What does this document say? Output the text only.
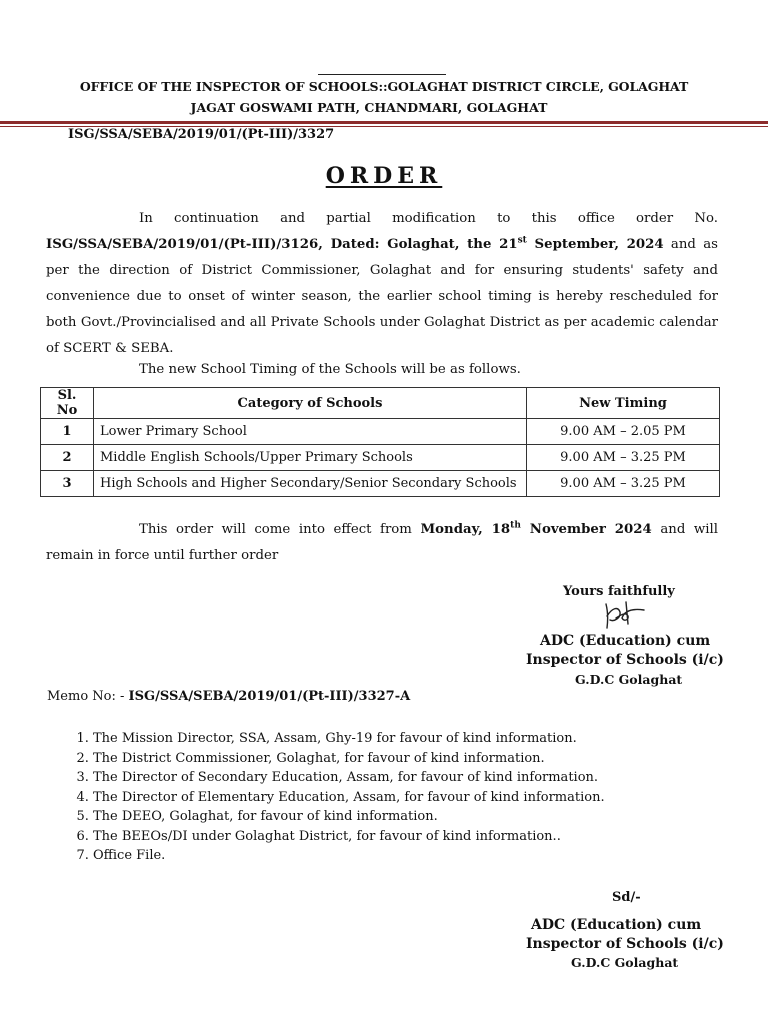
OFFICE OF THE INSPECTOR OF SCHOOLS::GOLAGHAT DISTRICT CIRCLE, GOLAGHAT
JAGAT GOSWAMI PATH, CHANDMARI, GOLAGHAT
ISG/SSA/SEBA/2019/01/(Pt-III)/3327
ORDER

In continuation and partial modification to this office order No. ISG/SSA/SEBA/2019/01/(Pt-III)/3126, Dated: Golaghat, the 21st September, 2024 and as per the direction of District Commissioner, Golaghat and for ensuring students' safety and convenience due to onset of winter season, the earlier school timing is hereby rescheduled for both Govt./Provincialised and all Private Schools under Golaghat District as per academic calendar of SCERT & SEBA.

The new School Timing of the Schools will be as follows.
Sl. No	Category of Schools	New Timing
1	Lower Primary School	9.00 AM – 2.05 PM
2	Middle English Schools/Upper Primary Schools	9.00 AM – 3.25 PM
3	High Schools and Higher Secondary/Senior Secondary Schools	9.00 AM – 3.25 PM

This order will come into effect from Monday, 18th November 2024 and will remain in force until further order

Yours faithfully
ADC (Education) cum
Inspector of Schools (i/c)
G.D.C Golaghat
Memo No: - ISG/SSA/SEBA/2019/01/(Pt-III)/3327-A
1. The Mission Director, SSA, Assam, Ghy-19 for favour of kind information.
2. The District Commissioner, Golaghat, for favour of kind information.
3. The Director of Secondary Education, Assam, for favour of kind information.
4. The Director of Elementary Education, Assam, for favour of kind information.
5. The DEEO, Golaghat, for favour of kind information.
6. The BEEOs/DI under Golaghat District, for favour of kind information..
7. Office File.
Sd/-
ADC (Education) cum
Inspector of Schools (i/c)
G.D.C Golaghat
